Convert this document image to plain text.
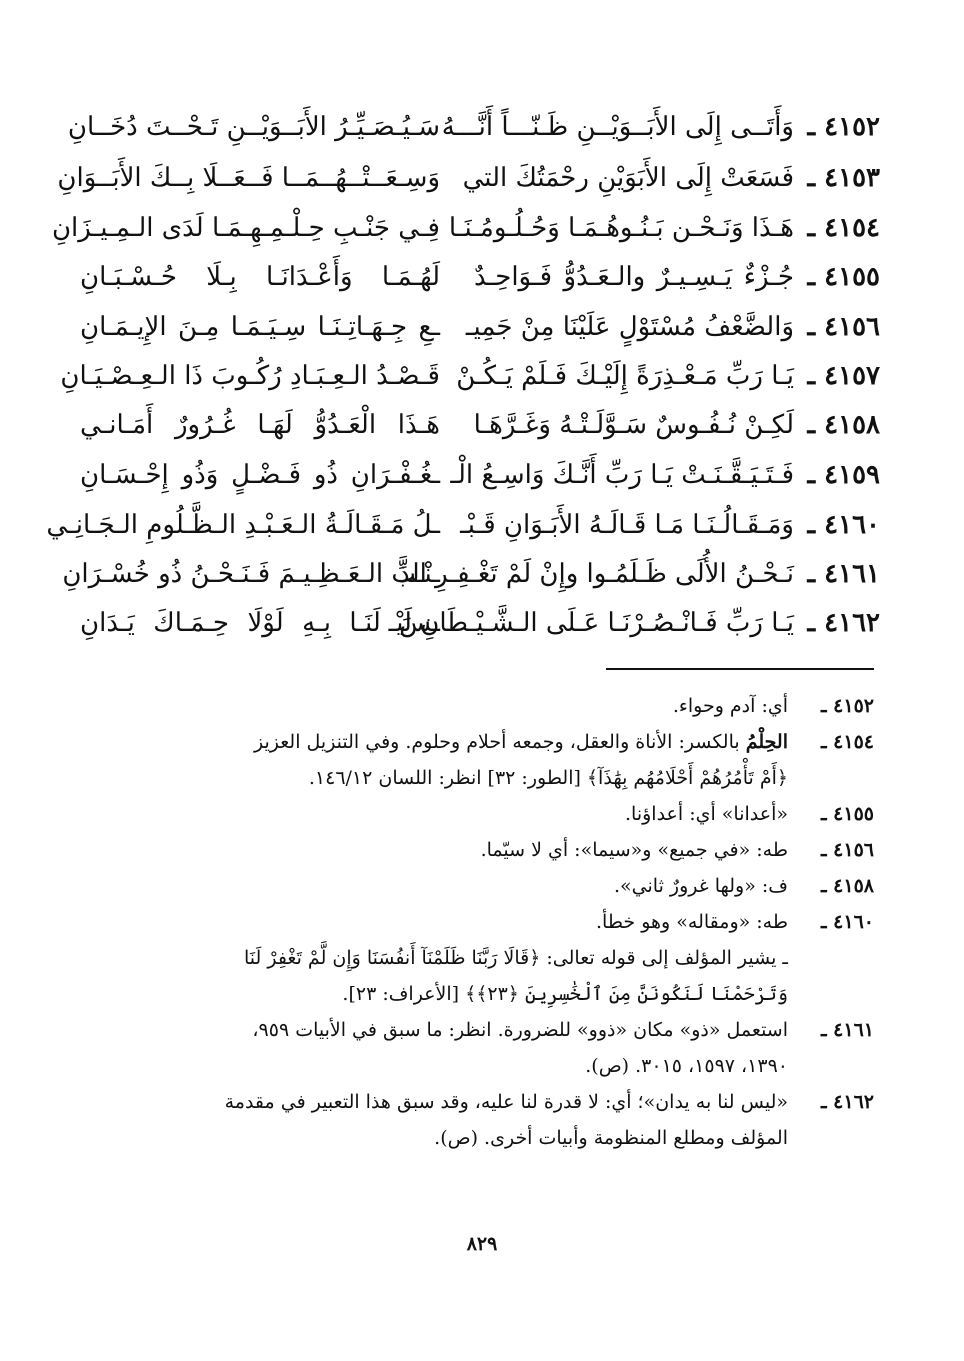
٤١٥٢ ـ
وَأَتَــى إِلَى الأَبَــوَيْــنِ ظَـنّـــاً أَنَّـــهُ
سَـيُـصَـيِّـرُ الأَبَــوَيْــنِ تَـحْــتَ دُخَــانِ
٤١٥٣ ـ
فَسَعَتْ إِلَى الأَبَوَيْنِ رحْمَتُكَ التي
وَسِـعَــتْــهُــمَــا فَــعَــلَا بِــكَ الأَبَــوَانِ
٤١٥٤ ـ
هَـذَا وَنَـحْـن بَـنُـوهُـمَـا وَحُـلُـومُـنَـا
فِـي جَنْـبِ حِـلْـمِـهِـمَـا لَدَى الـمِـيـزَانِ
٤١٥٥ ـ
جُـزْءٌ يَـسِـيـرٌ والـعَـدُوُّ فَـوَاحِـدٌ
لَهُـمَـا وَأَعْـدَانَـا بِـلَا حُـسْـبَـانِ
٤١٥٦ ـ
وَالضَّعْفُ مُسْتَوْلٍ عَلَيْنَا مِنْ جَمِيـ
ـعِ جِـهَـاتِـنَـا سِـيَـمَـا مِـنَ الإِيـمَـانِ
٤١٥٧ ـ
يَـا رَبِّ مَـعْـذِرَةً إِلَيْـكَ فَـلَمْ يَـكُـنْ
قَـصْـدُ الـعِـبَـادِ رُكُـوبَ ذَا الـعِـصْـيَـانِ
٤١٥٨ ـ
لَكِـنْ نُـفُـوسٌ سَـوَّلَـتْـهُ وَغَـرَّهَـا
هَـذَا الْعَـدُوُّ لَهَـا غُـرُورٌ أَمَـانـي
٤١٥٩ ـ
فَـتَـيَـقَّـنَـتْ يَـا رَبِّ أَنَّـكَ وَاسِـعُ الْـ
ـغُـفْـرَانِ ذُو فَـضْـلٍ وَذُو إِحْـسَـانِ
٤١٦٠ ـ
وَمَـقَـالُـنَـا مَـا قَـالَـهُ الأَبَـوَانِ قَـبْـ
ـلُ مَـقَـالَـةُ الـعَـبْـدِ الـظَّـلُومِ الـجَـانِـي
٤١٦١ ـ
نَـحْـنُ الأُلَى ظَـلَمُـوا وإِنْ لَمْ تَغْـفِـرِ الذَّ
ـنْـبَ الـعَـظِـيـمَ فَـنَـحْـنُ ذُو خُسْـرَانِ
٤١٦٢ ـ
يَـا رَبِّ فَـانْـصُـرْنَـا عَـلَى الـشَّـيْـطَانِ لَيْـ
ـسَ لَنَـا بِـهِ لَوْلَا حِـمَـاكَ يَـدَانِ
٤١٥٢ ـ
أي: آدم وحواء.
٤١٥٤ ـ
الحِلْمُ بالكسر: الأناة والعقل، وجمعه أحلام وحلوم. وفي التنزيل العزيز
﴿أَمْ تَأْمُرُهُمْ أَحْلَامُهُم بِهَٰذَآ﴾ [الطور: ٣٢] انظر: اللسان ١٤٦/١٢.
٤١٥٥ ـ
«أعدانا» أي: أعداؤنا.
٤١٥٦ ـ
طه: «في جميع» و«سيما»: أي لا سيّما.
٤١٥٨ ـ
ف: «ولها غرورٌ ثاني».
٤١٦٠ ـ
طه: «ومقاله» وهو خطأ.
ـ يشير المؤلف إلى قوله تعالى: ﴿قَالَا رَبَّنَا ظَلَمْنَآ أَنفُسَنَا وَإِن لَّمْ تَغْفِرْ لَنَا
وَتَرْحَمْنَا لَنَكُونَنَّ مِنَ ٱلْخَٰسِرِينَ ﴿٢٣﴾﴾ [الأعراف: ٢٣].
٤١٦١ ـ
استعمل «ذو» مكان «ذوو» للضرورة. انظر: ما سبق في الأبيات ٩٥٩،
١٣٩٠، ١٥٩٧، ٣٠١٥. (ص).
٤١٦٢ ـ
«ليس لنا به يدان»؛ أي: لا قدرة لنا عليه، وقد سبق هذا التعبير في مقدمة
المؤلف ومطلع المنظومة وأبيات أخرى. (ص).
٨٢٩
